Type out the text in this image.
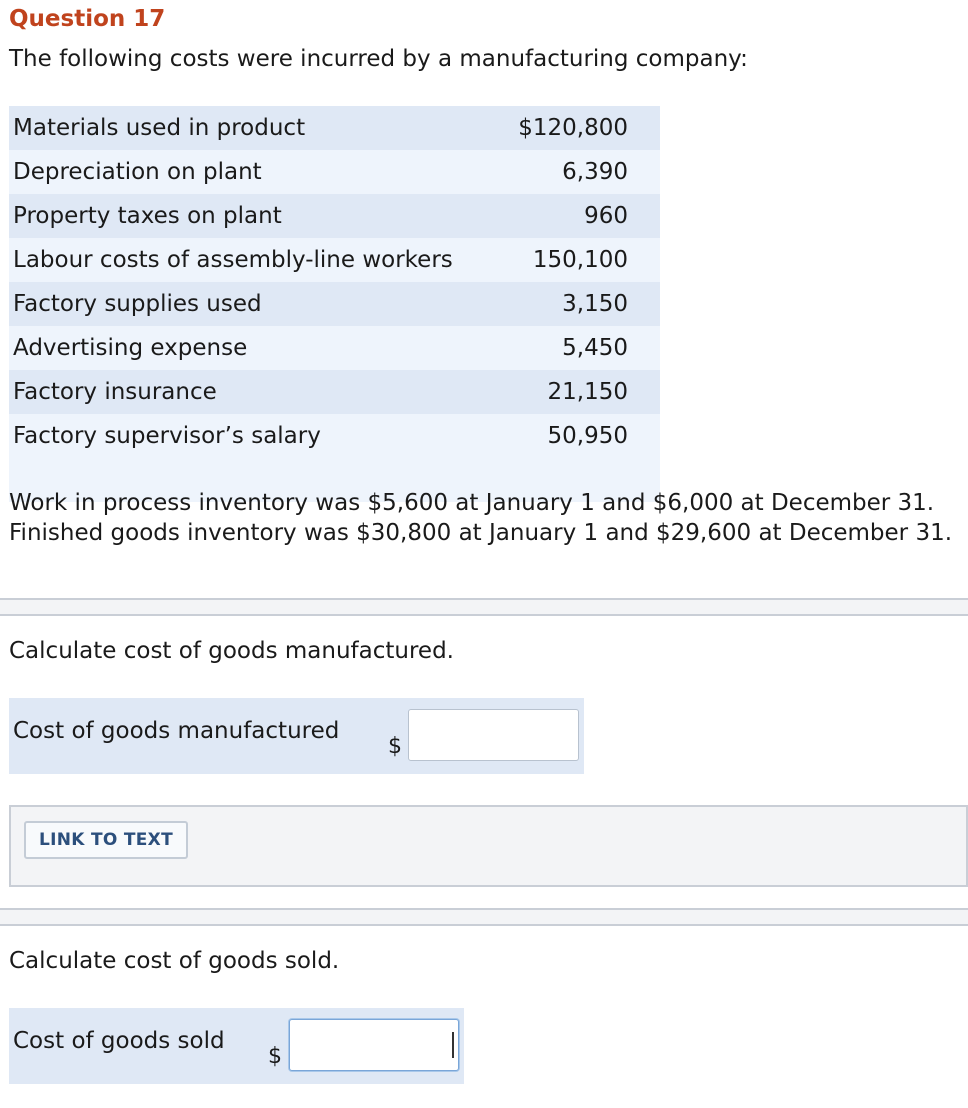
Question 17

The following costs were incurred by a manufacturing company:

Materials used in product	$120,800
Depreciation on plant	6,390
Property taxes on plant	960
Labour costs of assembly-line workers	150,100
Factory supplies used	3,150
Advertising expense	5,450
Factory insurance	21,150
Factory supervisor’s salary	50,950

Work in process inventory was $5,600 at January 1 and $6,000 at December 31. Finished goods inventory was $30,800 at January 1 and $29,600 at December 31.

Calculate cost of goods manufactured.

Cost of goods manufactured
$
LINK TO TEXT

Calculate cost of goods sold.

Cost of goods sold
$
